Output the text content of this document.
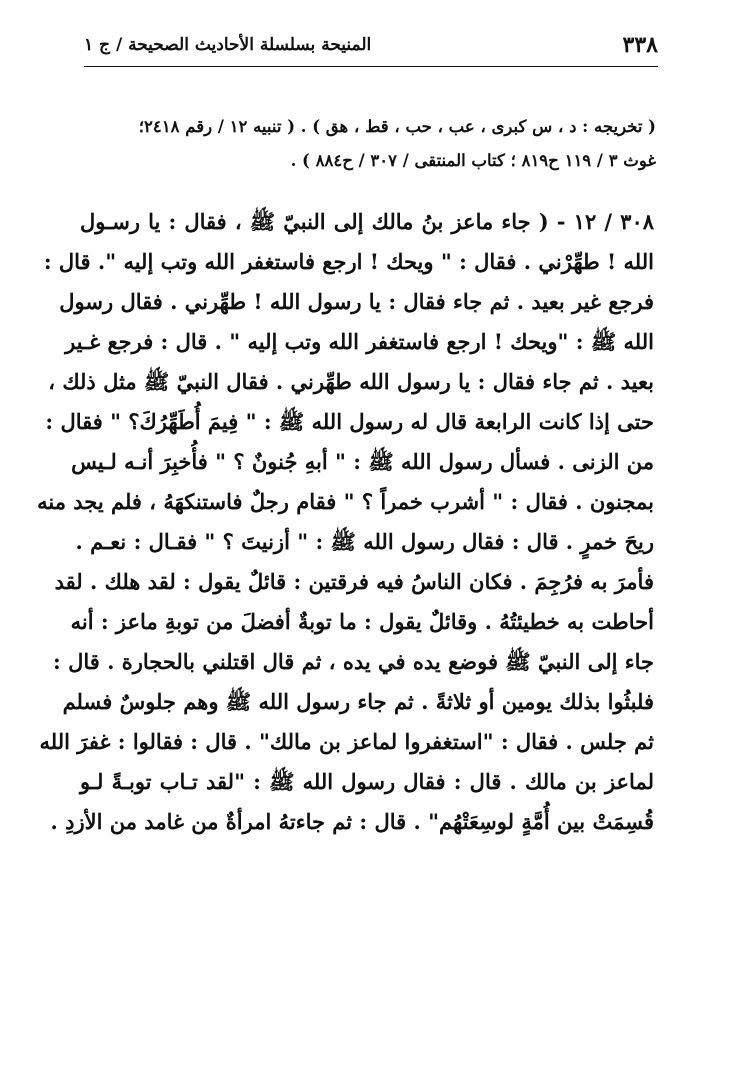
٣٣٨
المنيحة بسلسلة الأحاديث الصحيحة / ج ١
( تخريجه : د ، س كبرى ، عب ، حب ، قط ، هق ) . ( تنبيه ١٢ / رقم ٢٤١٨؛
غوث ٣ / ١١٩ ح٨١٩ ؛ كتاب المنتقى / ٣٠٧ / ح٨٨٤ ) .
٣٠٨ / ١٢ - ( جاء ماعز بنُ مالك إلى النبيّ ﷺ ، فقال : يا رسـول
الله ! طهِّرْني . فقال : " ويحك ! ارجع فاستغفر الله وتب إليه ". قال :
فرجع غير بعيد . ثم جاء فقال : يا رسول الله ! طهِّرني . فقال رسول
الله ﷺ : "ويحك ! ارجع فاستغفر الله وتب إليه " . قال : فرجع غـير
بعيد . ثم جاء فقال : يا رسول الله طهِّرني . فقال النبيّ ﷺ مثل ذلك ،
حتى إذا كانت الرابعة قال له رسول الله ﷺ : " فِيمَ أُطَهِّرُكَ؟ " فقال :
من الزنى . فسأل رسول الله ﷺ : " أبهِ جُنونٌ ؟ " فأُخبِرَ أنـه لـيس
بمجنون . فقال : " أشرب خمراً ؟ " فقام رجلٌ فاستنكهَهُ ، فلم يجد منه
ريحَ خمرٍ . قال : فقال رسول الله ﷺ : " أزنيتَ ؟ " فقـال : نعـم .
فأمرَ به فرُجِمَ . فكان الناسُ فيه فرقتين : قائلٌ يقول : لقد هلك . لقد
أحاطت به خطيئتُهُ . وقائلٌ يقول : ما توبةٌ أفضلَ من توبةِ ماعز : أنه
جاء إلى النبيّ ﷺ فوضع يده في يده ، ثم قال اقتلني بالحجارة . قال :
فلبثُوا بذلك يومين أو ثلاثةً . ثم جاء رسول الله ﷺ وهم جلوسٌ فسلم
ثم جلس . فقال : "استغفروا لماعز بن مالك" . قال : فقالوا : غفرَ الله
لماعز بن مالك . قال : فقال رسول الله ﷺ : "لقد تـاب توبـةً لـو
قُسِمَتْ بين أُمَّةٍ لوسِعَتْهُم" . قال : ثم جاءتهُ امرأةٌ من غامد من الأزدِ .
